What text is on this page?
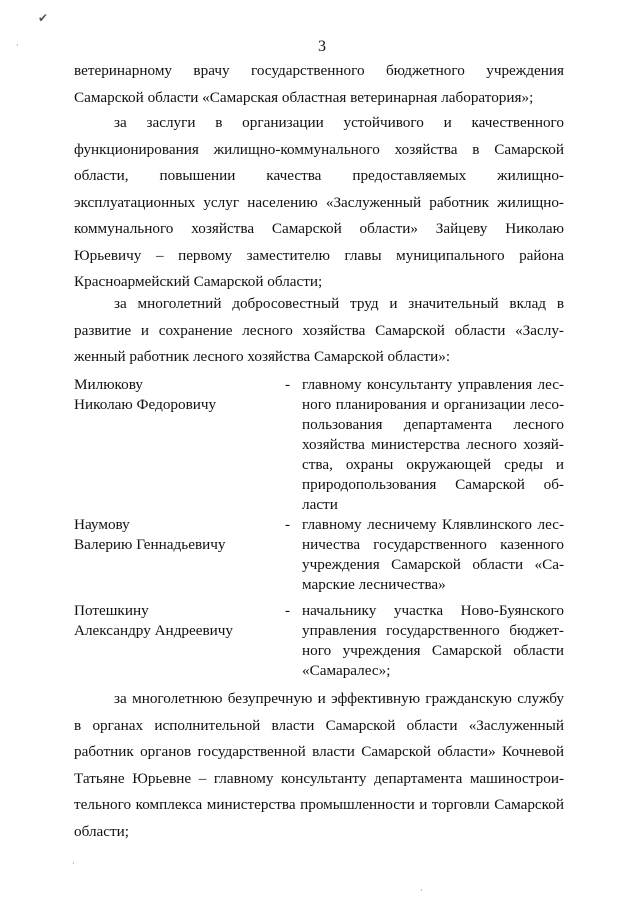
✔
·	3
ветеринарному врачу государственного бюджетного учреждения
Самарской области «Самарская областная ветеринарная лаборатория»;
за заслуги в организации устойчивого и качественного
функционирования жилищно-коммунального хозяйства в Самарской
области, повышении качества предоставляемых жилищно-
эксплуатационных услуг населению «Заслуженный работник жилищно-
коммунального хозяйства Самарской области» Зайцеву Николаю
Юрьевичу – первому заместителю главы муниципального района
Красноармейский Самарской области;
за многолетний добросовестный труд и значительный вклад в
развитие и сохранение лесного хозяйства Самарской области «Заслу-
женный работник лесного хозяйства Самарской области»:
Милюкову
Николаю Федоровичу
- главному консультанту управления лес-
ного планирования и организации лесо-
пользования департамента лесного
хозяйства министерства лесного хозяй-
ства, охраны окружающей среды и
природопользования Самарской об-
ласти
Наумову
Валерию Геннадьевичу
- главному лесничему Клявлинского лес-
ничества государственного казенного
учреждения Самарской области «Са-
марские лесничества»
Потешкину
Александру Андреевичу
- начальнику участка Ново-Буянского
управления государственного бюджет-
ного учреждения Самарской области
«Самаралес»;
за многолетнюю безупречную и эффективную гражданскую службу
в органах исполнительной власти Самарской области «Заслуженный
работник органов государственной власти Самарской области» Кочневой
Татьяне Юрьевне – главному консультанту департамента машинострои-
тельного комплекса министерства промышленности и торговли Самарской
области;
·
·
